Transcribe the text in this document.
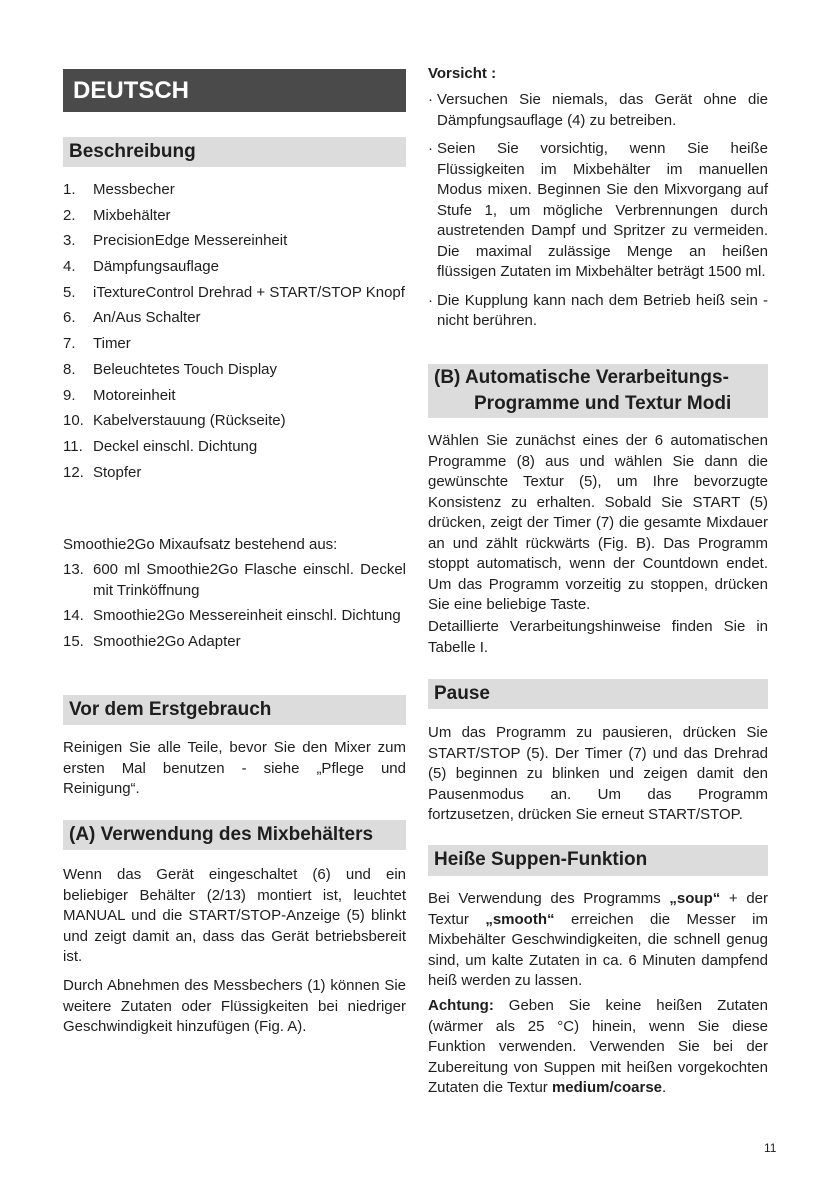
DEUTSCH
Beschreibung
1.	Messbecher
2.	Mixbehälter
3.	PrecisionEdge Messereinheit
4.	Dämpfungsauflage
5.	iTextureControl Drehrad + START/STOP Knopf
6.	An/Aus Schalter
7.	Timer
8.	Beleuchtetes Touch Display
9.	Motoreinheit
10. Kabelverstauung (Rückseite)
11. Deckel einschl. Dichtung
12. Stopfer

Smoothie2Go Mixaufsatz bestehend aus:

13. 600 ml Smoothie2Go Flasche einschl. Deckel mit Trinköffnung
14. Smoothie2Go Messereinheit einschl. Dichtung
15. Smoothie2Go Adapter
Vor dem Erstgebrauch

Reinigen Sie alle Teile, bevor Sie den Mixer zum ersten Mal benutzen - siehe „Pflege und Reinigung“.

(A) Verwendung des Mixbehälters

Wenn das Gerät eingeschaltet (6) und ein beliebiger Behälter (2/13) montiert ist, leuchtet MANUAL und die START/STOP-Anzeige (5) blinkt und zeigt damit an, dass das Gerät betriebsbereit ist.

Durch Abnehmen des Messbechers (1) können Sie weitere Zutaten oder Flüssigkeiten bei niedriger Geschwindigkeit hinzufügen (Fig. A).

Vorsicht :
· Versuchen Sie niemals, das Gerät ohne die Dämpfungsauflage (4) zu betreiben.
· Seien Sie vorsichtig, wenn Sie heiße Flüssigkeiten im Mixbehälter im manuellen Modus mixen. Beginnen Sie den Mixvorgang auf Stufe 1, um mögliche Verbrennungen durch austretenden Dampf und Spritzer zu vermeiden. Die maximal zulässige Menge an heißen flüssigen Zutaten im Mixbehälter beträgt 1500 ml.
· Die Kupplung kann nach dem Betrieb heiß sein - nicht berühren.
(B) Automatische Verarbeitungs-
Programme und Textur Modi

Wählen Sie zunächst eines der 6 automatischen Programme (8) aus und wählen Sie dann die gewünschte Textur (5), um Ihre bevorzugte Konsistenz zu erhalten. Sobald Sie START (5) drücken, zeigt der Timer (7) die gesamte Mixdauer an und zählt rückwärts (Fig. B). Das Programm stoppt automatisch, wenn der Countdown endet. Um das Programm vorzeitig zu stoppen, drücken Sie eine beliebige Taste.

Detaillierte Verarbeitungshinweise finden Sie in Tabelle I.

Pause

Um das Programm zu pausieren, drücken Sie START/STOP (5). Der Timer (7) und das Drehrad (5) beginnen zu blinken und zeigen damit den Pausenmodus an. Um das Programm fortzusetzen, drücken Sie erneut START/STOP.

Heiße Suppen-Funktion

Bei Verwendung des Programms „soup“ + der Textur „smooth“ erreichen die Messer im Mixbehälter Geschwindigkeiten, die schnell genug sind, um kalte Zutaten in ca. 6 Minuten dampfend heiß werden zu lassen.

Achtung: Geben Sie keine heißen Zutaten (wärmer als 25 °C) hinein, wenn Sie diese Funktion verwenden. Verwenden Sie bei der Zubereitung von Suppen mit heißen vorgekochten Zutaten die Textur medium/coarse.

11
